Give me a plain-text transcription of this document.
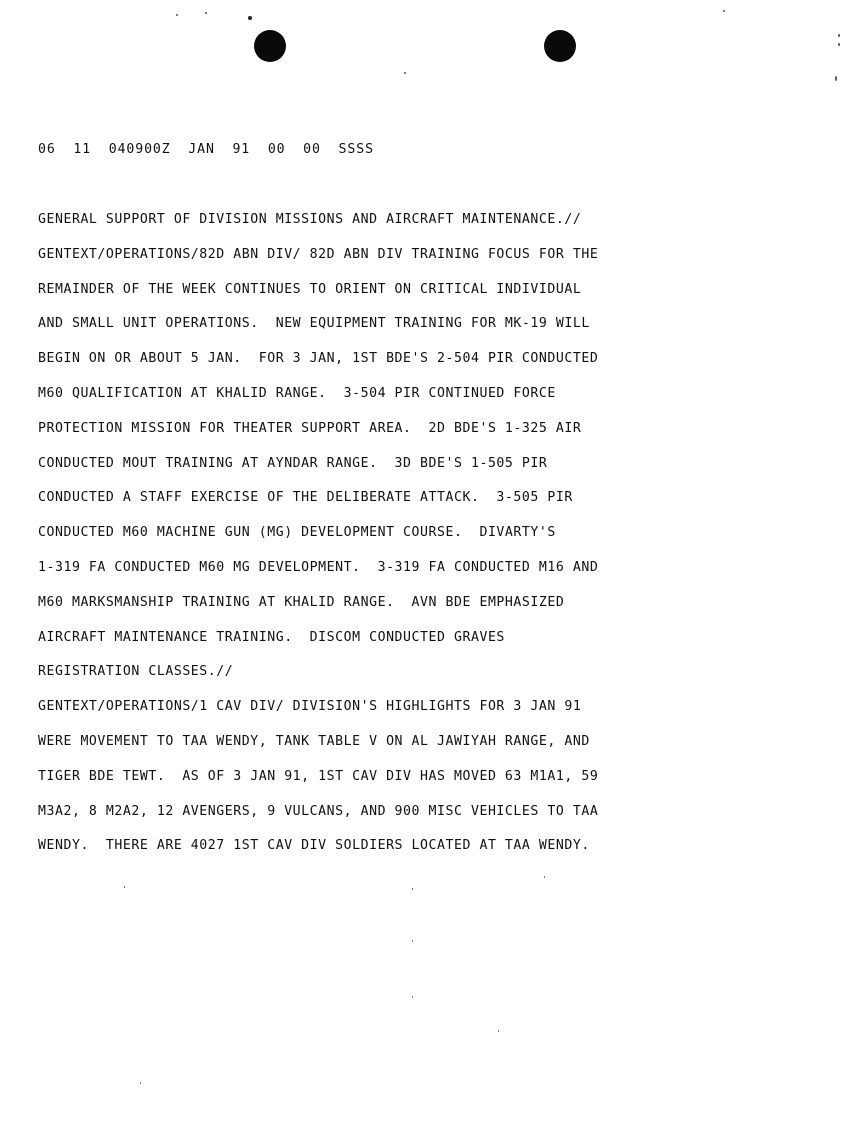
06  11  040900Z  JAN  91  00  00  SSSS
GENERAL SUPPORT OF DIVISION MISSIONS AND AIRCRAFT MAINTENANCE.//
GENTEXT/OPERATIONS/82D ABN DIV/ 82D ABN DIV TRAINING FOCUS FOR THE
REMAINDER OF THE WEEK CONTINUES TO ORIENT ON CRITICAL INDIVIDUAL
AND SMALL UNIT OPERATIONS.  NEW EQUIPMENT TRAINING FOR MK-19 WILL
BEGIN ON OR ABOUT 5 JAN.  FOR 3 JAN, 1ST BDE'S 2-504 PIR CONDUCTED
M60 QUALIFICATION AT KHALID RANGE.  3-504 PIR CONTINUED FORCE
PROTECTION MISSION FOR THEATER SUPPORT AREA.  2D BDE'S 1-325 AIR
CONDUCTED MOUT TRAINING AT AYNDAR RANGE.  3D BDE'S 1-505 PIR
CONDUCTED A STAFF EXERCISE OF THE DELIBERATE ATTACK.  3-505 PIR
CONDUCTED M60 MACHINE GUN (MG) DEVELOPMENT COURSE.  DIVARTY'S
1-319 FA CONDUCTED M60 MG DEVELOPMENT.  3-319 FA CONDUCTED M16 AND
M60 MARKSMANSHIP TRAINING AT KHALID RANGE.  AVN BDE EMPHASIZED
AIRCRAFT MAINTENANCE TRAINING.  DISCOM CONDUCTED GRAVES
REGISTRATION CLASSES.//
GENTEXT/OPERATIONS/1 CAV DIV/ DIVISION'S HIGHLIGHTS FOR 3 JAN 91
WERE MOVEMENT TO TAA WENDY, TANK TABLE V ON AL JAWIYAH RANGE, AND
TIGER BDE TEWT.  AS OF 3 JAN 91, 1ST CAV DIV HAS MOVED 63 M1A1, 59
M3A2, 8 M2A2, 12 AVENGERS, 9 VULCANS, AND 900 MISC VEHICLES TO TAA
WENDY.  THERE ARE 4027 1ST CAV DIV SOLDIERS LOCATED AT TAA WENDY.
